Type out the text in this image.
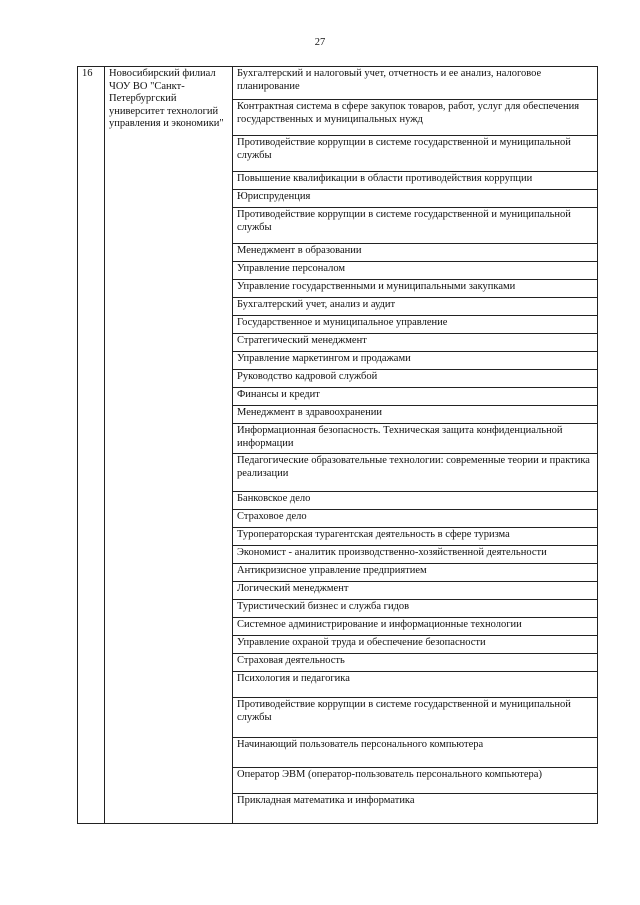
27
16	Новосибирский филиал ЧОУ ВО "Санкт-Петербургский университет технологий управления и экономики"	Бухгалтерский и налоговый учет, отчетность и ее анализ, налоговое планирование
Контрактная система в сфере закупок товаров, работ, услуг для обеспечения государственных и муниципальных нужд
Противодействие коррупции в системе государственной и муниципальной службы
Повышение квалификации в области противодействия коррупции
Юриспруденция
Противодействие коррупции в системе государственной и муниципальной службы
Менеджмент в образовании
Управление персоналом
Управление государственными и муниципальными закупками
Бухгалтерский учет, анализ и аудит
Государственное и муниципальное управление
Стратегический менеджмент
Управление маркетингом и продажами
Руководство кадровой службой
Финансы и кредит
Менеджмент в здравоохранении
Информационная безопасность. Техническая защита конфиденциальной информации
Педагогические образовательные технологии: современные теории и практика реализации
Банковское дело
Страховое дело
Туроператорская турагентская деятельность в сфере туризма
Экономист - аналитик производственно-хозяйственной деятельности
Антикризисное управление предприятием
Логический менеджмент
Туристический бизнес и служба гидов
Системное администрирование и информационные технологии
Управление охраной труда и обеспечение безопасности
Страховая деятельность
Психология и педагогика
Противодействие коррупции в системе государственной и муниципальной службы
Начинающий пользователь персонального компьютера
Оператор ЭВМ (оператор-пользователь персонального компьютера)
Прикладная математика и информатика
